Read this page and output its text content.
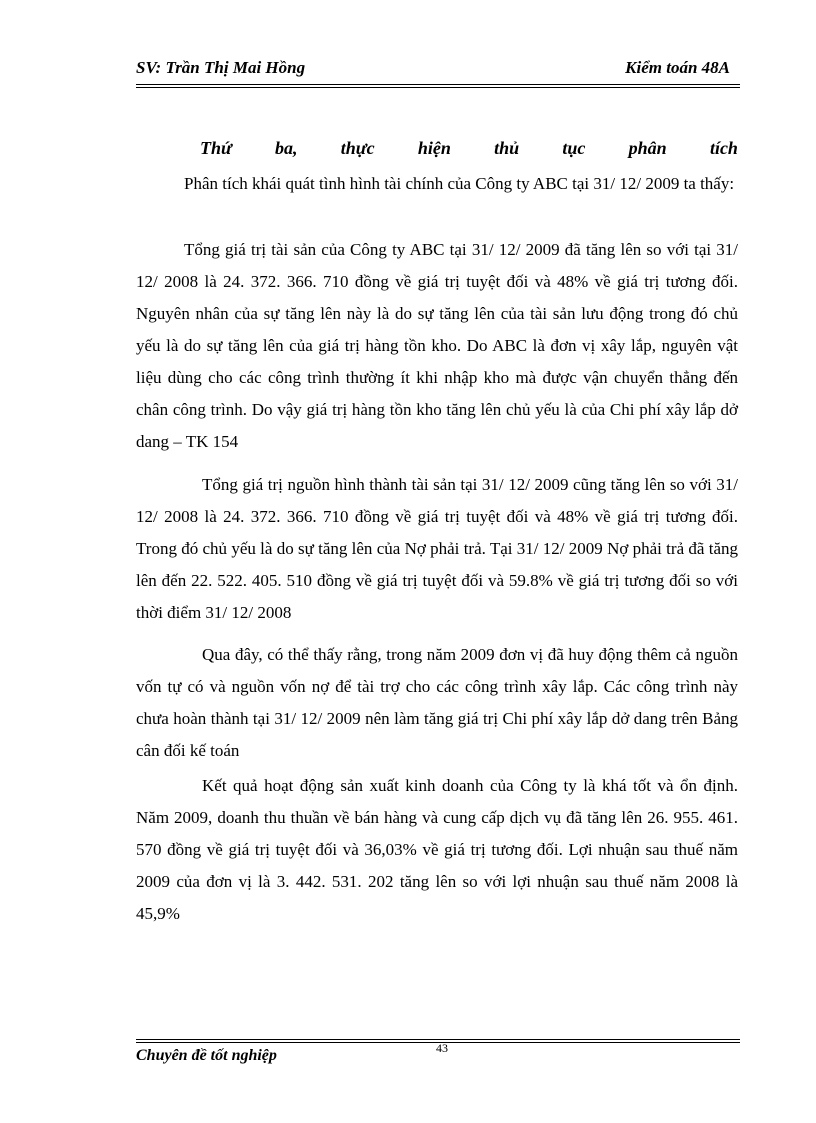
SV: Trần Thị Mai Hồng	Kiểm toán 48A
Thứ ba, thực hiện thủ tục phân tích

Phân tích khái quát tình hình tài chính của Công ty ABC tại 31/ 12/ 2009 ta thấy:

Tổng giá trị tài sản của Công ty ABC tại 31/ 12/ 2009 đã tăng lên so với tại 31/ 12/ 2008 là 24. 372. 366. 710 đồng về giá trị tuyệt đối và 48% về giá trị tương đối. Nguyên nhân của sự tăng lên này là do sự tăng lên của tài sản lưu động trong đó chủ yếu là do sự tăng lên của giá trị hàng tồn kho. Do ABC là đơn vị xây lắp, nguyên vật liệu dùng cho các công trình thường ít khi nhập kho mà được vận chuyển thẳng đến chân công trình. Do vậy giá trị hàng tồn kho tăng lên chủ yếu là của Chi phí xây lắp dở dang – TK 154

Tổng giá trị nguồn hình thành tài sản tại 31/ 12/ 2009 cũng tăng lên so với 31/ 12/ 2008 là 24. 372. 366. 710 đồng về giá trị tuyệt đối và 48% về giá trị tương đối. Trong đó chủ yếu là do sự tăng lên của Nợ phải trả. Tại 31/ 12/ 2009 Nợ phải trả đã tăng lên đến 22. 522. 405. 510 đồng về giá trị tuyệt đối và 59.8% về giá trị tương đối so với thời điểm 31/ 12/ 2008

Qua đây, có thể thấy rằng, trong năm 2009 đơn vị đã huy động thêm cả nguồn vốn tự có và nguồn vốn nợ để tài trợ cho các công trình xây lắp. Các công trình này chưa hoàn thành tại 31/ 12/ 2009 nên làm tăng giá trị Chi phí xây lắp dở dang trên Bảng cân đối kế toán

Kết quả hoạt động sản xuất kinh doanh của Công ty là khá tốt và ổn định. Năm 2009, doanh thu thuần về bán hàng và cung cấp dịch vụ đã tăng lên 26. 955. 461. 570 đồng về giá trị tuyệt đối và 36,03% về giá trị tương đối. Lợi nhuận sau thuế năm 2009 của đơn vị là 3. 442. 531. 202 tăng lên so với lợi nhuận sau thuế năm 2008 là 45,9%

43
Chuyên đề tốt nghiệp
